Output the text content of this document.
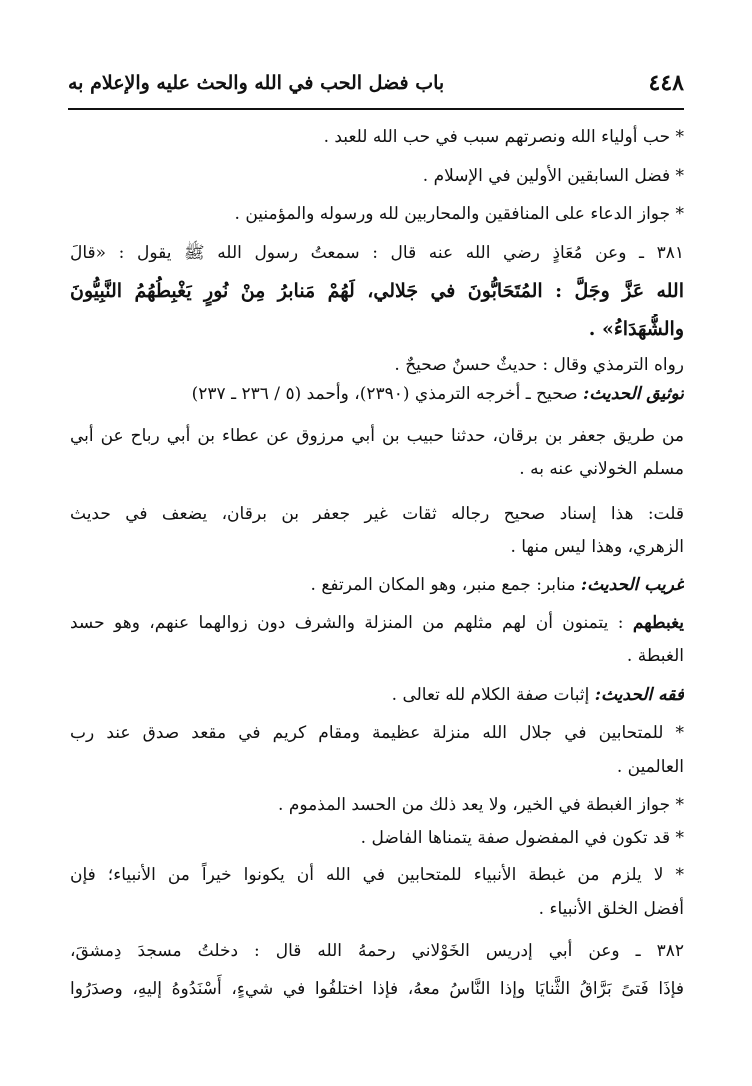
٤٤٨
باب فضل الحب في الله والحث عليه والإعلام به
* حب أولياء الله ونصرتهم سبب في حب الله للعبد .
* فضل السابقين الأولين في الإسلام .
* جواز الدعاء على المنافقين والمحاربين لله ورسوله والمؤمنين .
٣٨١ ـ وعن مُعَاذٍ رضي الله عنه قال : سمعتُ رسول الله ﷺ يقول : «قالَ
الله عَزَّ وجَلَّ : المُتَحَابُّونَ في جَلالي، لَهُمْ مَنابرُ مِنْ نُورٍ يَغْبِطُهُمُ النَّبِيُّونَ
والشُّهَدَاءُ» .
رواه الترمذي وقال : حديثٌ حسنٌ صحيحٌ .
توثيق الحديث: صحيح ـ أخرجه الترمذي (٢٣٩٠)، وأحمد (٥ / ٢٣٦ ـ ٢٣٧)
من طريق جعفر بن برقان، حدثنا حبيب بن أبي مرزوق عن عطاء بن أبي رباح عن أبي
مسلم الخولاني عنه به .
قلت: هذا إسناد صحيح رجاله ثقات غير جعفر بن برقان، يضعف في حديث
الزهري، وهذا ليس منها .
غريب الحديث: منابر: جمع منبر، وهو المكان المرتفع .
يغبطهم : يتمنون أن لهم مثلهم من المنزلة والشرف دون زوالهما عنهم، وهو حسد
الغبطة .
فقه الحديث: إثبات صفة الكلام لله تعالى .
* للمتحابين في جلال الله منزلة عظيمة ومقام كريم في مقعد صدق عند رب
العالمين .
* جواز الغبطة في الخير، ولا يعد ذلك من الحسد المذموم .
* قد تكون في المفضول صفة يتمناها الفاضل .
* لا يلزم من غبطة الأنبياء للمتحابين في الله أن يكونوا خيراً من الأنبياء؛ فإن
أفضل الخلق الأنبياء .
٣٨٢ ـ وعن أبي إدريس الخَوْلاني رحمهُ الله قال : دخلتُ مسجدَ دِمشقَ،
فإذَا فَتىً بَرَّاقُ الثَّنايَا وإذا النَّاسُ معهُ، فإذا اختلفُوا في شيءٍ، أَسْنَدُوهُ إليهِ، وصدَرُوا
